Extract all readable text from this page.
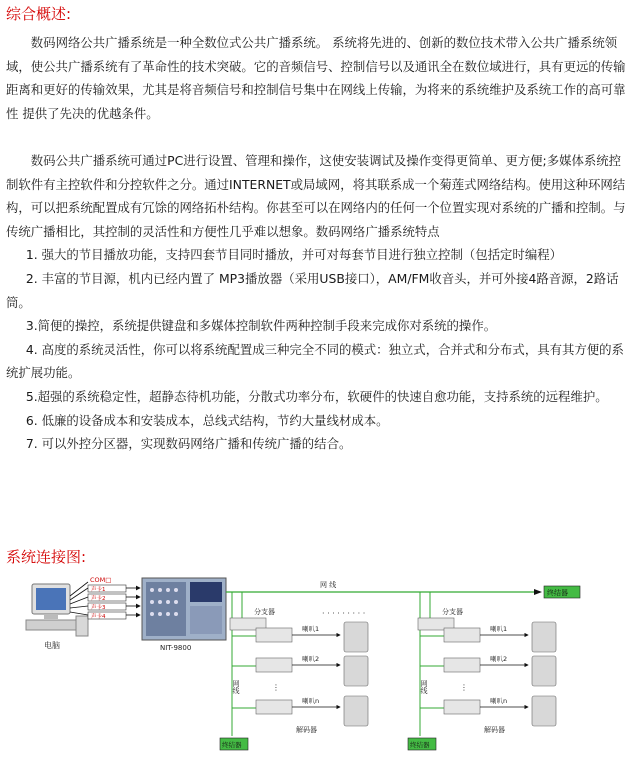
综合概述:

数码网络公共广播系统是一种全数位式公共广播系统。 系统将先进的、创新的数位技术带入公共广播系统领域，使公共广播系统有了革命性的技术突破。它的音频信号、控制信号以及通讯全在数位域进行，具有更远的传输距离和更好的传输效果，尤其是将音频信号和控制信号集中在网线上传输，为将来的系统维护及系统工作的高可靠性 提供了先决的优越条件。

数码公共广播系统可通过PC进行设置、管理和操作，这使安装调试及操作变得更简单、更方便;多媒体系统控制软件有主控软件和分控软件之分。通过INTERNET或局域网，将其联系成一个菊莲式网络结构。使用这种环网结构，可以把系统配置成有冗馀的网络拓朴结构。你甚至可以在网络内的任何一个位置实现对系统的广播和控制。与传统广播相比，其控制的灵活性和方便性几乎难以想象。数码网络广播系统特点

1. 强大的节目播放功能，支持四套节目同时播放，并可对每套节目进行独立控制（包括定时编程）

2. 丰富的节目源，机内已经内置了 MP3播放器（采用USB接口），AM/FM收音头，并可外接4路音源，2路话筒。

3.简便的操控，系统提供键盘和多媒体控制软件两种控制手段来完成你对系统的操作。

4. 高度的系统灵活性，你可以将系统配置成三种完全不同的模式：独立式，合并式和分布式，具有其方便的系统扩展功能。

5.超强的系统稳定性，超静态待机功能，分散式功率分布，软硬件的快速自愈功能，支持系统的远程维护。

6. 低廉的设备成本和安装成本，总线式结构，节约大量线材成本。

7. 可以外控分区器，实现数码网络广播和传统广播的结合。

系统连接图:
电脑
COM□
声卡1
声卡2
声卡3
声卡4
NIT-9800
网 线
终结器
分支器
网线	⋮
喇叭1
喇叭2
喇叭n
解码器
· · · · · · · · ·
终结器
分支器
网线	⋮
喇叭1
喇叭2
喇叭n
解码器
终结器
